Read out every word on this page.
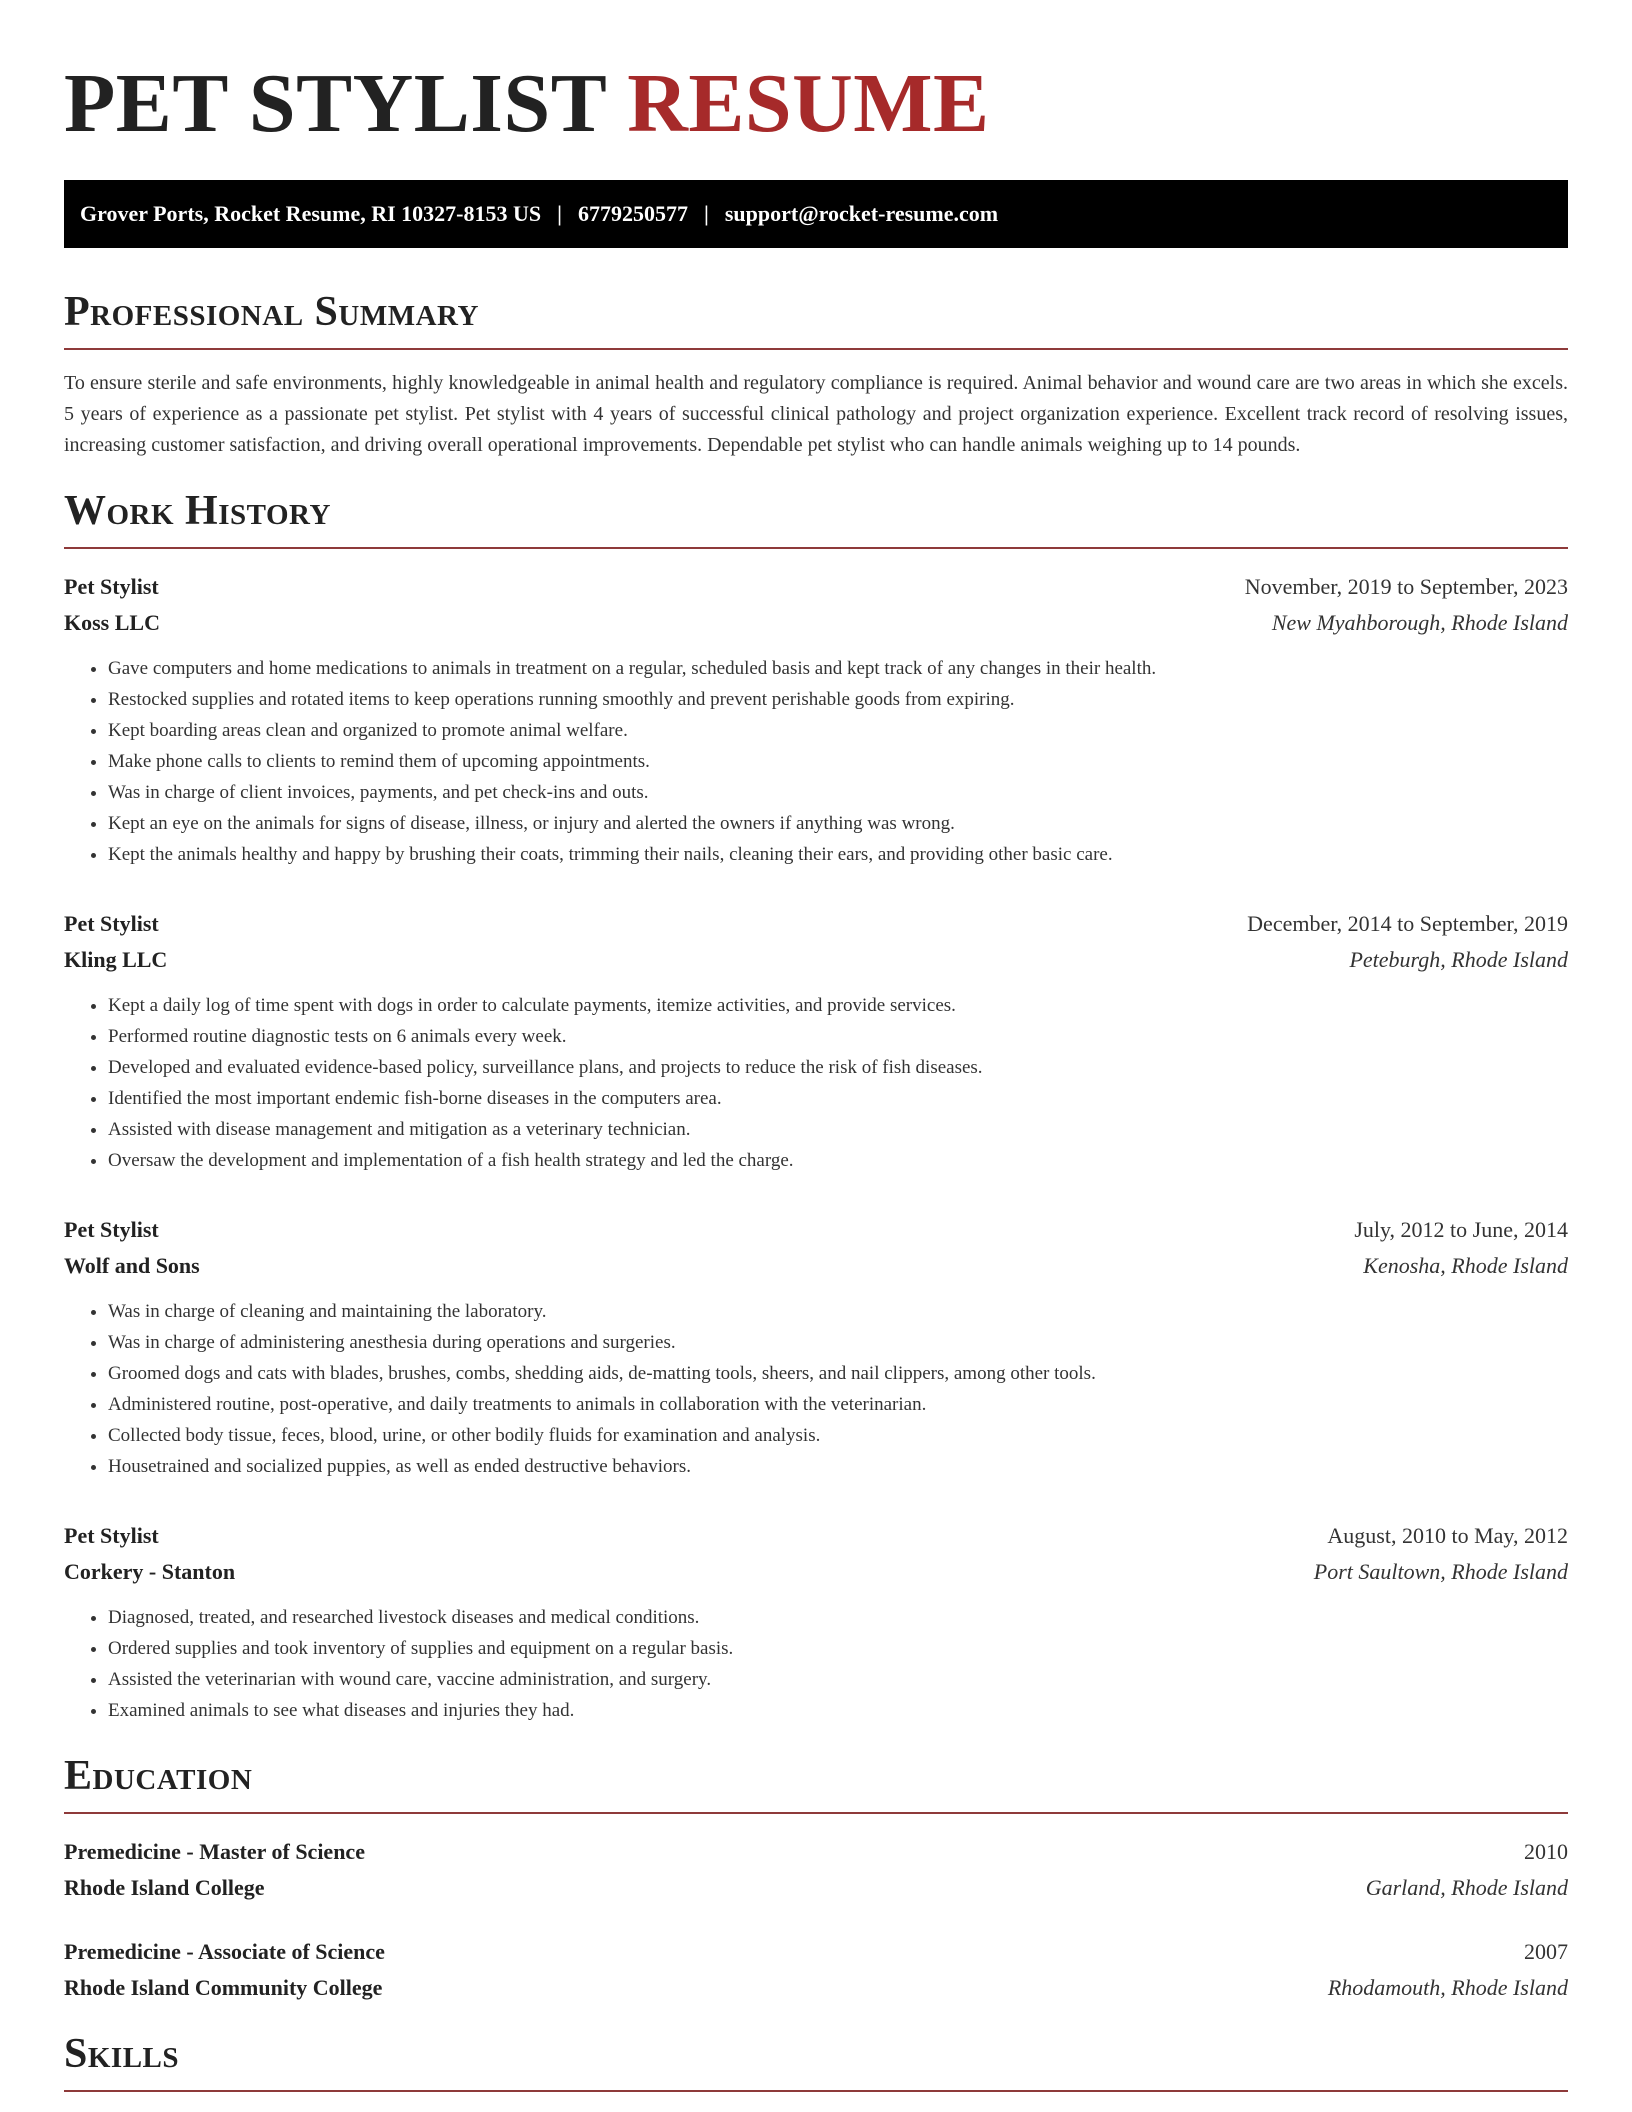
PET STYLIST RESUME
Grover Ports, Rocket Resume, RI 10327-8153 US | 6779250577 | support@rocket-resume.com
Professional Summary

To ensure sterile and safe environments, highly knowledgeable in animal health and regulatory compliance is required. Animal behavior and wound care are two areas in which she excels. 5 years of experience as a passionate pet stylist. Pet stylist with 4 years of successful clinical pathology and project organization experience. Excellent track record of resolving issues, increasing customer satisfaction, and driving overall operational improvements. Dependable pet stylist who can handle animals weighing up to 14 pounds.

Work History
Pet Stylist	November, 2019 to September, 2023
Koss LLC	New Myahborough, Rhode Island
• Gave computers and home medications to animals in treatment on a regular, scheduled basis and kept track of any changes in their health.
• Restocked supplies and rotated items to keep operations running smoothly and prevent perishable goods from expiring.
• Kept boarding areas clean and organized to promote animal welfare.
• Make phone calls to clients to remind them of upcoming appointments.
• Was in charge of client invoices, payments, and pet check-ins and outs.
• Kept an eye on the animals for signs of disease, illness, or injury and alerted the owners if anything was wrong.
• Kept the animals healthy and happy by brushing their coats, trimming their nails, cleaning their ears, and providing other basic care.
Pet Stylist	December, 2014 to September, 2019
Kling LLC	Peteburgh, Rhode Island
• Kept a daily log of time spent with dogs in order to calculate payments, itemize activities, and provide services.
• Performed routine diagnostic tests on 6 animals every week.
• Developed and evaluated evidence-based policy, surveillance plans, and projects to reduce the risk of fish diseases.
• Identified the most important endemic fish-borne diseases in the computers area.
• Assisted with disease management and mitigation as a veterinary technician.
• Oversaw the development and implementation of a fish health strategy and led the charge.
Pet Stylist	July, 2012 to June, 2014
Wolf and Sons	Kenosha, Rhode Island
• Was in charge of cleaning and maintaining the laboratory.
• Was in charge of administering anesthesia during operations and surgeries.
• Groomed dogs and cats with blades, brushes, combs, shedding aids, de-matting tools, sheers, and nail clippers, among other tools.
• Administered routine, post-operative, and daily treatments to animals in collaboration with the veterinarian.
• Collected body tissue, feces, blood, urine, or other bodily fluids for examination and analysis.
• Housetrained and socialized puppies, as well as ended destructive behaviors.
Pet Stylist	August, 2010 to May, 2012
Corkery - Stanton	Port Saultown, Rhode Island
• Diagnosed, treated, and researched livestock diseases and medical conditions.
• Ordered supplies and took inventory of supplies and equipment on a regular basis.
• Assisted the veterinarian with wound care, vaccine administration, and surgery.
• Examined animals to see what diseases and injuries they had.
Education
Premedicine - Master of Science	2010
Rhode Island College	Garland, Rhode Island
Premedicine - Associate of Science	2007
Rhode Island Community College	Rhodamouth, Rhode Island
Skills
